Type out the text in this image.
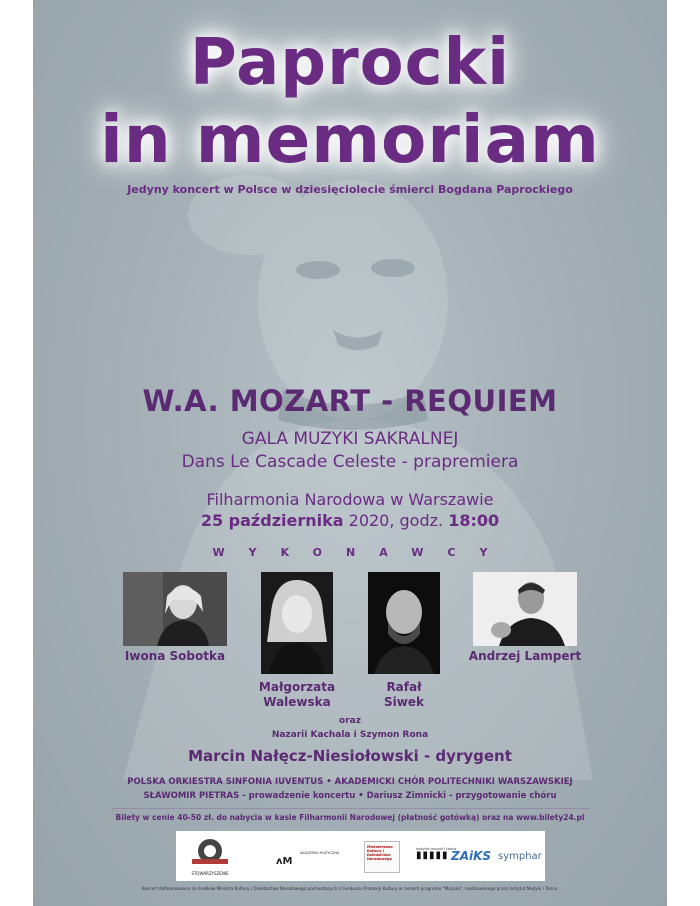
Paprocki
in memoriam
Jedyny koncert w Polsce w dziesięciolecie śmierci Bogdana Paprockiego
W.A. MOZART - REQUIEM
GALA MUZYKI SAKRALNEJ
Dans Le Cascade Celeste - prapremiera
Filharmonia Narodowa w Warszawie
25 października 2020, godz. 18:00
WYKONAWCY
Iwona Sobotka
Małgorzata
Walewska
Rafał
Siwek
Andrzej Lampert
oraz
Nazarii Kachala i Szymon Rona
Marcin Nałęcz-Niesiołowski - dyrygent
POLSKA ORKIESTRA SINFONIA IUVENTUS • AKADEMICKI CHÓR POLITECHNIKI WARSZAWSKIEJ
SŁAWOMIR PIETRAS - prowadzenie koncertu • Dariusz Zimnicki - przygotowanie chóru
Bilety w cenie 40-50 zł. do nabycia w kasie Filharmonii Narodowej (płatność gotówką) oraz na www.bilety24.pl
STOWARZYSZENIE
ᴧM
AKADEMIA MUZYCZNA
Ministerstwo Kultury i Dziedzictwa Narodowego
instytut muzyki i tańca
▮▮▮▮▮ ZAiKS symphar
Koncert dofinansowano ze środków Ministra Kultury i Dziedzictwa Narodowego pochodzących z Funduszu Promocji Kultury w ramach programu "Muzyka", realizowanego przez Instytut Muzyki i Tańca.
